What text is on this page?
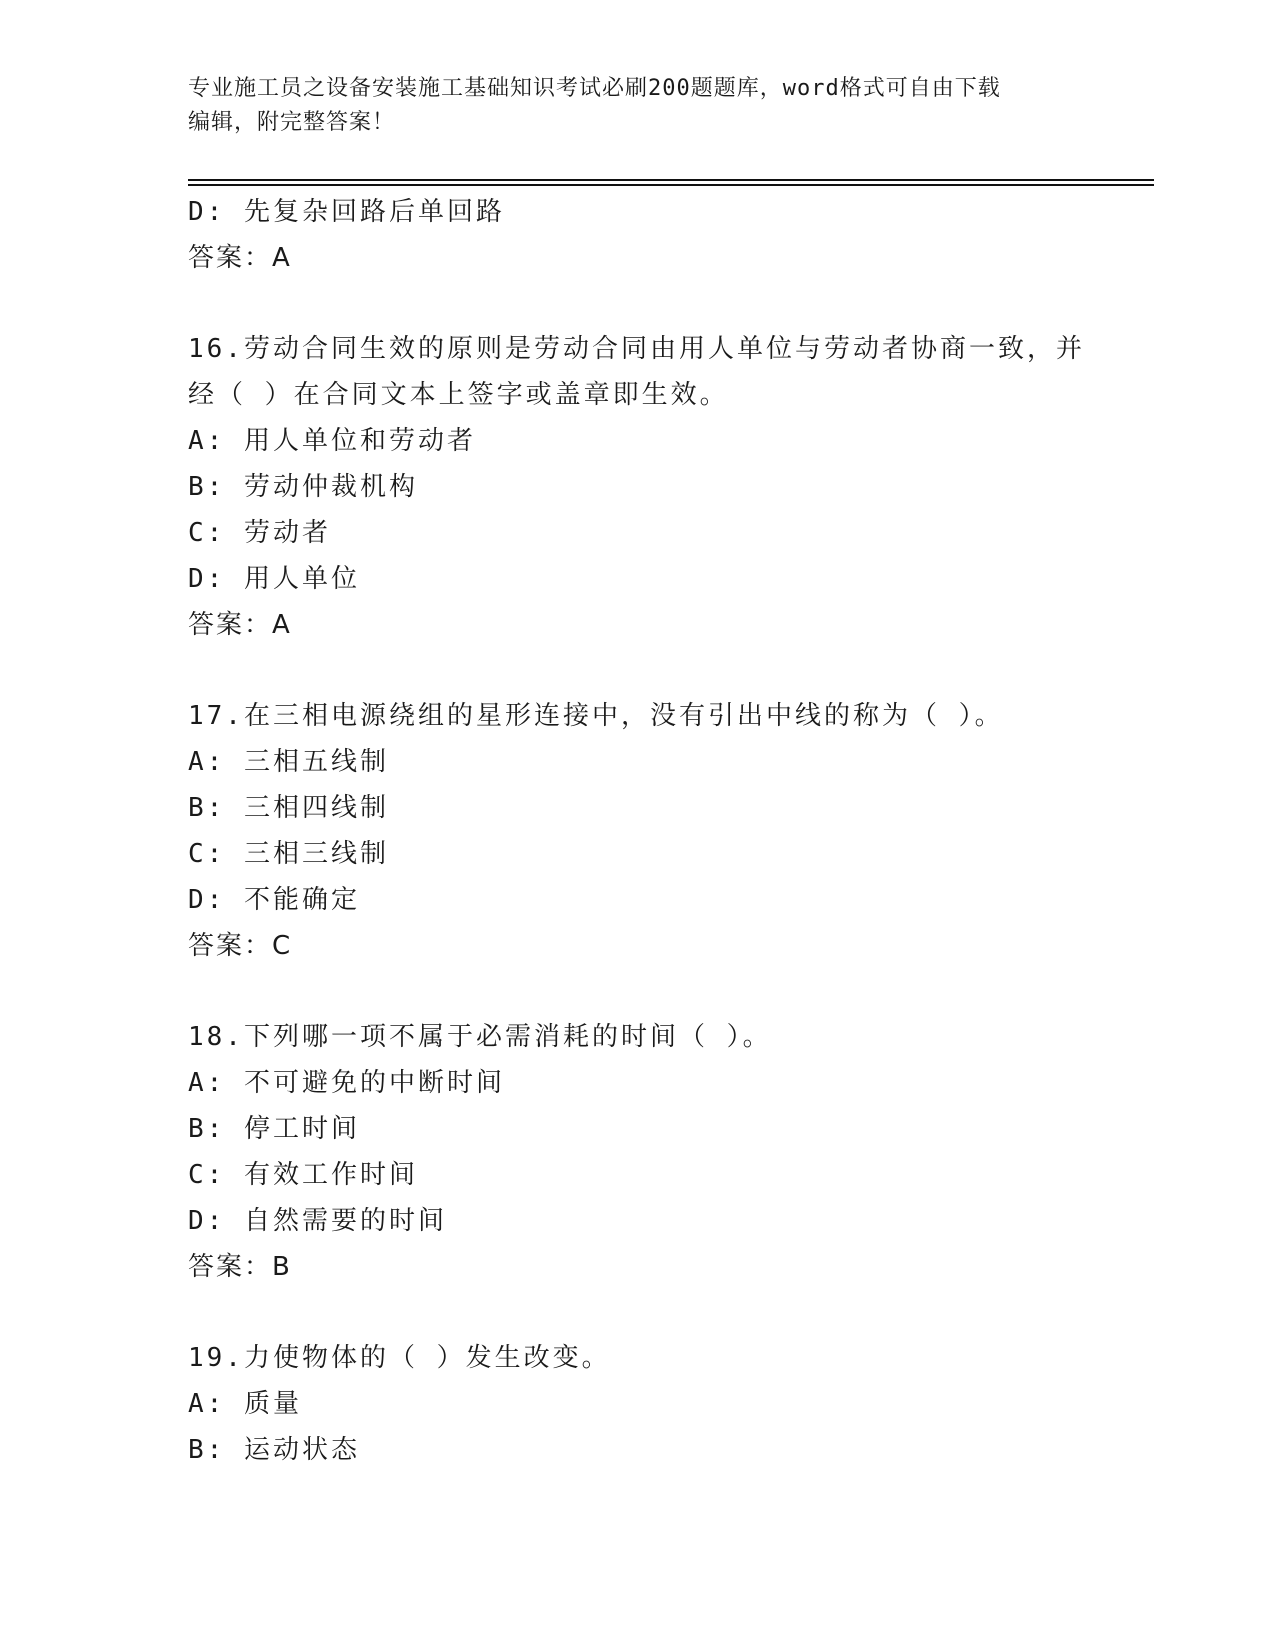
专业施工员之设备安装施工基础知识考试必刷200题题库，word格式可自由下载
编辑，附完整答案！
D: 先复杂回路后单回路
答案：A
16.劳动合同生效的原则是劳动合同由用人单位与劳动者协商一致，并
经（ ）在合同文本上签字或盖章即生效。
A: 用人单位和劳动者
B: 劳动仲裁机构
C: 劳动者
D: 用人单位
答案：A
17.在三相电源绕组的星形连接中，没有引出中线的称为（ ）。
A: 三相五线制
B: 三相四线制
C: 三相三线制
D: 不能确定
答案：C
18.下列哪一项不属于必需消耗的时间（ ）。
A: 不可避免的中断时间
B: 停工时间
C: 有效工作时间
D: 自然需要的时间
答案：B
19.力使物体的（ ）发生改变。
A: 质量
B: 运动状态
